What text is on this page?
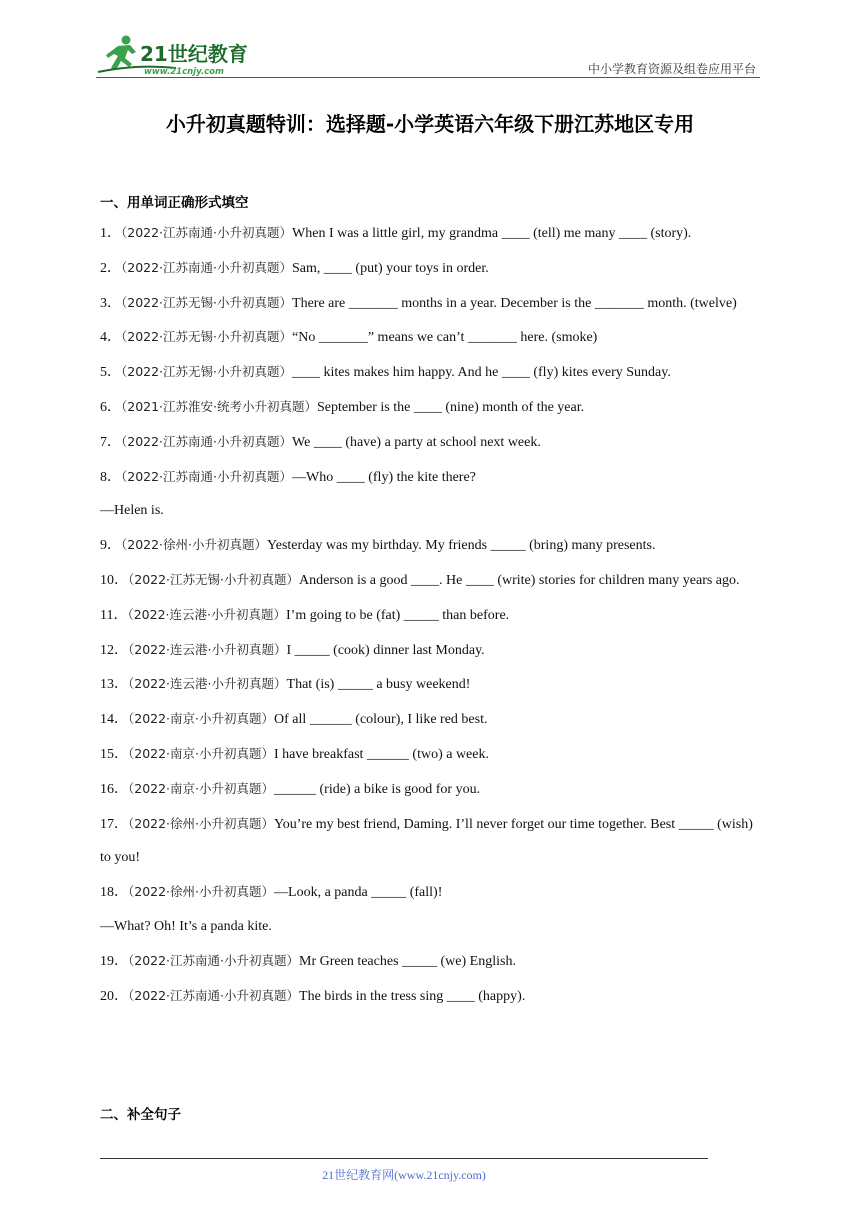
21世纪教育
www.21cnjy.com	中小学教育资源及组卷应用平台
小升初真题特训：选择题-小学英语六年级下册江苏地区专用
一、用单词正确形式填空

1．（2022·江苏南通·小升初真题）When I was a little girl, my grandma ____ (tell) me many ____ (story).

2．（2022·江苏南通·小升初真题）Sam, ____ (put) your toys in order.

3．（2022·江苏无锡·小升初真题）There are _______ months in a year. December is the _______ month. (twelve)

4．（2022·江苏无锡·小升初真题）“No _______” means we can’t _______ here. (smoke)

5．（2022·江苏无锡·小升初真题）____ kites makes him happy. And he ____ (fly) kites every Sunday.

6．（2021·江苏淮安·统考小升初真题）September is the ____ (nine) month of the year.

7．（2022·江苏南通·小升初真题）We ____ (have) a party at school next week.

8．（2022·江苏南通·小升初真题）—Who ____ (fly) the kite there?

—Helen is.

9．（2022·徐州·小升初真题）Yesterday was my birthday. My friends _____ (bring) many presents.

10．（2022·江苏无锡·小升初真题）Anderson is a good ____. He ____ (write) stories for children many years ago.

11．（2022·连云港·小升初真题）I’m going to be (fat) _____ than before.

12．（2022·连云港·小升初真题）I _____ (cook) dinner last Monday.

13．（2022·连云港·小升初真题）That (is) _____ a busy weekend!

14．（2022·南京·小升初真题）Of all ______ (colour), I like red best.

15．（2022·南京·小升初真题）I have breakfast ______ (two) a week.

16．（2022·南京·小升初真题）______ (ride) a bike is good for you.

17．（2022·徐州·小升初真题）You’re my best friend, Daming. I’ll never forget our time together. Best _____ (wish) to you!

18．（2022·徐州·小升初真题）—Look, a panda _____ (fall)!

—What? Oh! It’s a panda kite.

19．（2022·江苏南通·小升初真题）Mr Green teaches _____ (we) English.

20．（2022·江苏南通·小升初真题）The birds in the tress sing ____ (happy).

二、补全句子
21世纪教育网(www.21cnjy.com)
